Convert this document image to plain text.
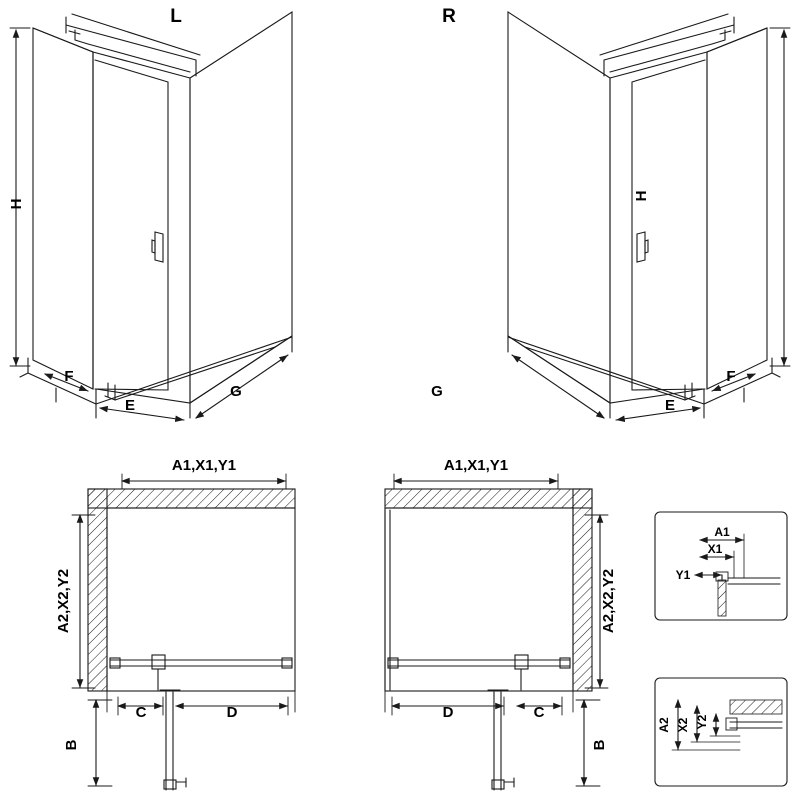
L	R
H
F
E
G
H
F
E
G
A1,X1,Y1
A2,X2,Y2
C	D
B
A1,X1,Y1
A2,X2,Y2
D	C
B
A1
X1
Y1
A2 X2 Y2
